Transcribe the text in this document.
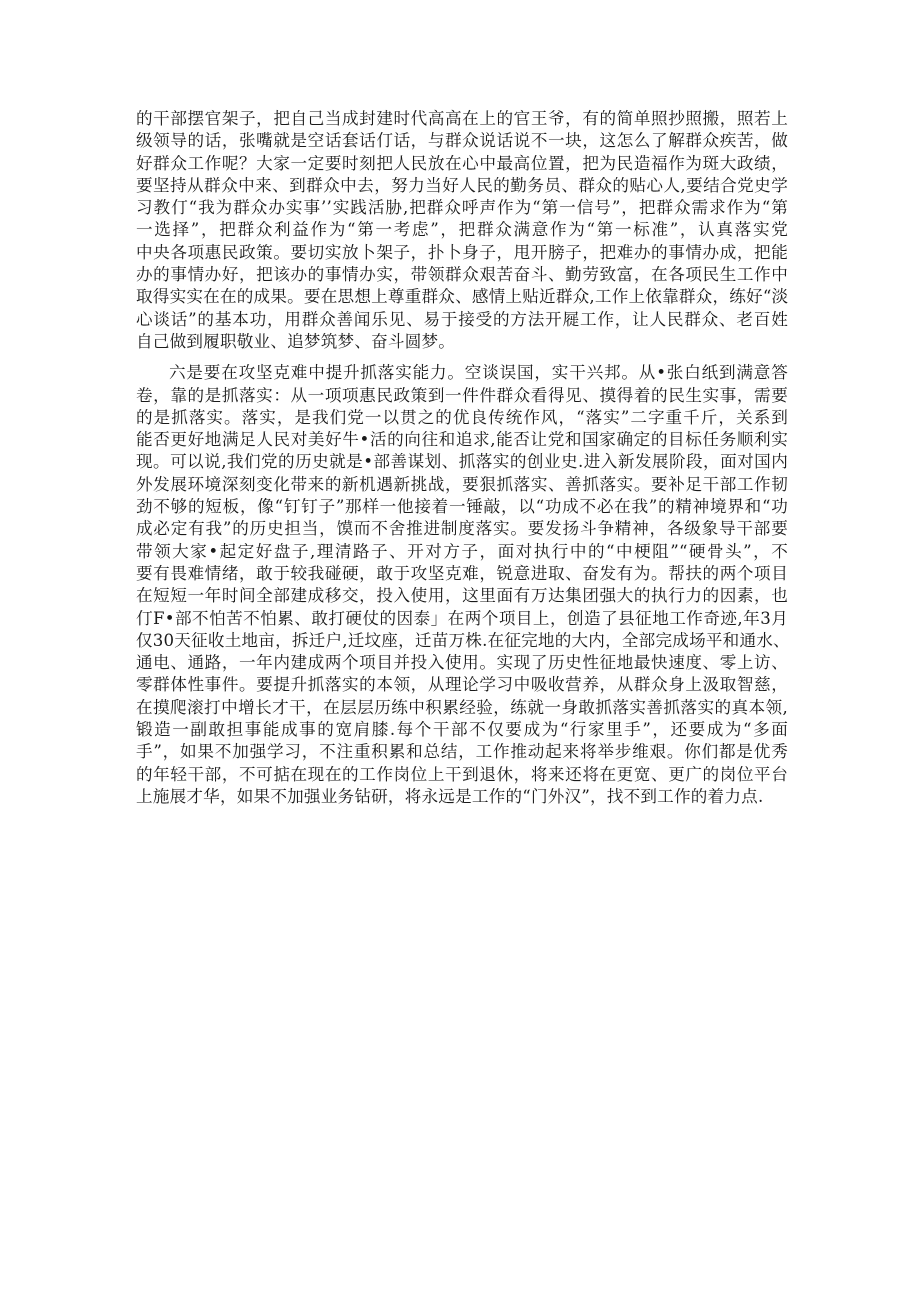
的干部摆官架子，把自己当成封建时代高高在上的官王爷，有的简单照抄照搬，照若上
级领导的话，张嘴就是空话套话仃话，与群众说话说不一块，这怎么了解群众疾苦，做
好群众工作呢？大家一定要时刻把人民放在心中最高位置，把为民造福作为斑大政绩，
要坚持从群众中来、到群众中去，努力当好人民的勤务员、群众的贴心人,要结合党史学
习教仃“我为群众办实事’’实践活胁,把群众呼声作为“第一信号”，把群众需求作为“第
一选择”，把群众利益作为“第一考虑”，把群众满意作为“第一标准”，认真落实党
中央各项惠民政策。要切实放卜架子，扑卜身子，甩开膀子，把难办的事情办成，把能
办的事情办好，把该办的事情办实，带领群众艰苦奋斗、勤劳致富，在各项民生工作中
取得实实在在的成果。要在思想上尊重群众、感情上贴近群众,工作上依靠群众，练好“淡
心谈话”的基本功，用群众善闻乐见、易于接受的方法开屣工作，让人民群众、老百姓
自己做到履职敬业、追梦筑梦、奋斗圆梦。
六是要在攻坚克难中提升抓落实能力。空谈误国，实干兴邦。从•张白纸到满意答
卷，靠的是抓落实：从一项项惠民政策到一件件群众看得见、摸得着的民生实事，需要
的是抓落实。落实，是我们党一以贯之的优良传统作风，“落实”二字重千斤，关系到
能否更好地满足人民对美好牛•活的向往和追求,能否让党和国家确定的目标任务顺利实
现。可以说,我们党的历史就是•部善谋划、抓落实的创业史.进入新发展阶段，面对国内
外发展环境深刻变化带来的新机遇新挑战，要狠抓落实、善抓落实。要补足干部工作韧
劲不够的短板，像“钉钉子”那样一他接着一锤敲，以“功成不必在我”的精神境界和“功
成必定有我”的历史担当，馍而不舍推进制度落实。要发扬斗争精神，各级象导干部要
带领大家•起定好盘子,理清路子、开对方子，面对执行中的“中梗阻”“硬骨头”，不
要有畏难情绪，敢于较我碰硬，敢于攻坚克难，锐意进取、奋发有为。帮扶的两个项目
在短短一年时间全部建成移交，投入使用，这里面有万达集团强大的执行力的因素，也
仃F•部不怕苦不怕累、敢打硬仗的因泰」在两个项目上，创造了县征地工作奇迹,年3月
仅30天征收土地亩，拆迁户,迁坟座，迁苗万株.在征完地的大内，全部完成场平和通水、
通电、通路，一年内建成两个项目并投入使用。实现了历史性征地最快速度、零上访、
零群体性事件。要提升抓落实的本领，从理论学习中吸收营养，从群众身上汲取智慈，
在摸爬滚打中增长才干，在层层历练中积累经验，练就一身敢抓落实善抓落实的真本领,
锻造一副敢担事能成事的宽肩膝.每个干部不仅要成为“行家里手”，还要成为“多面
手”，如果不加强学习，不注重积累和总结，工作推动起来将举步维艰。你们都是优秀
的年轻干部，不可掂在现在的工作岗位上干到退休，将来还将在更宽、更广的岗位平台
上施展才华，如果不加强业务钻研，将永远是工作的“门外汉”，找不到工作的着力点.
